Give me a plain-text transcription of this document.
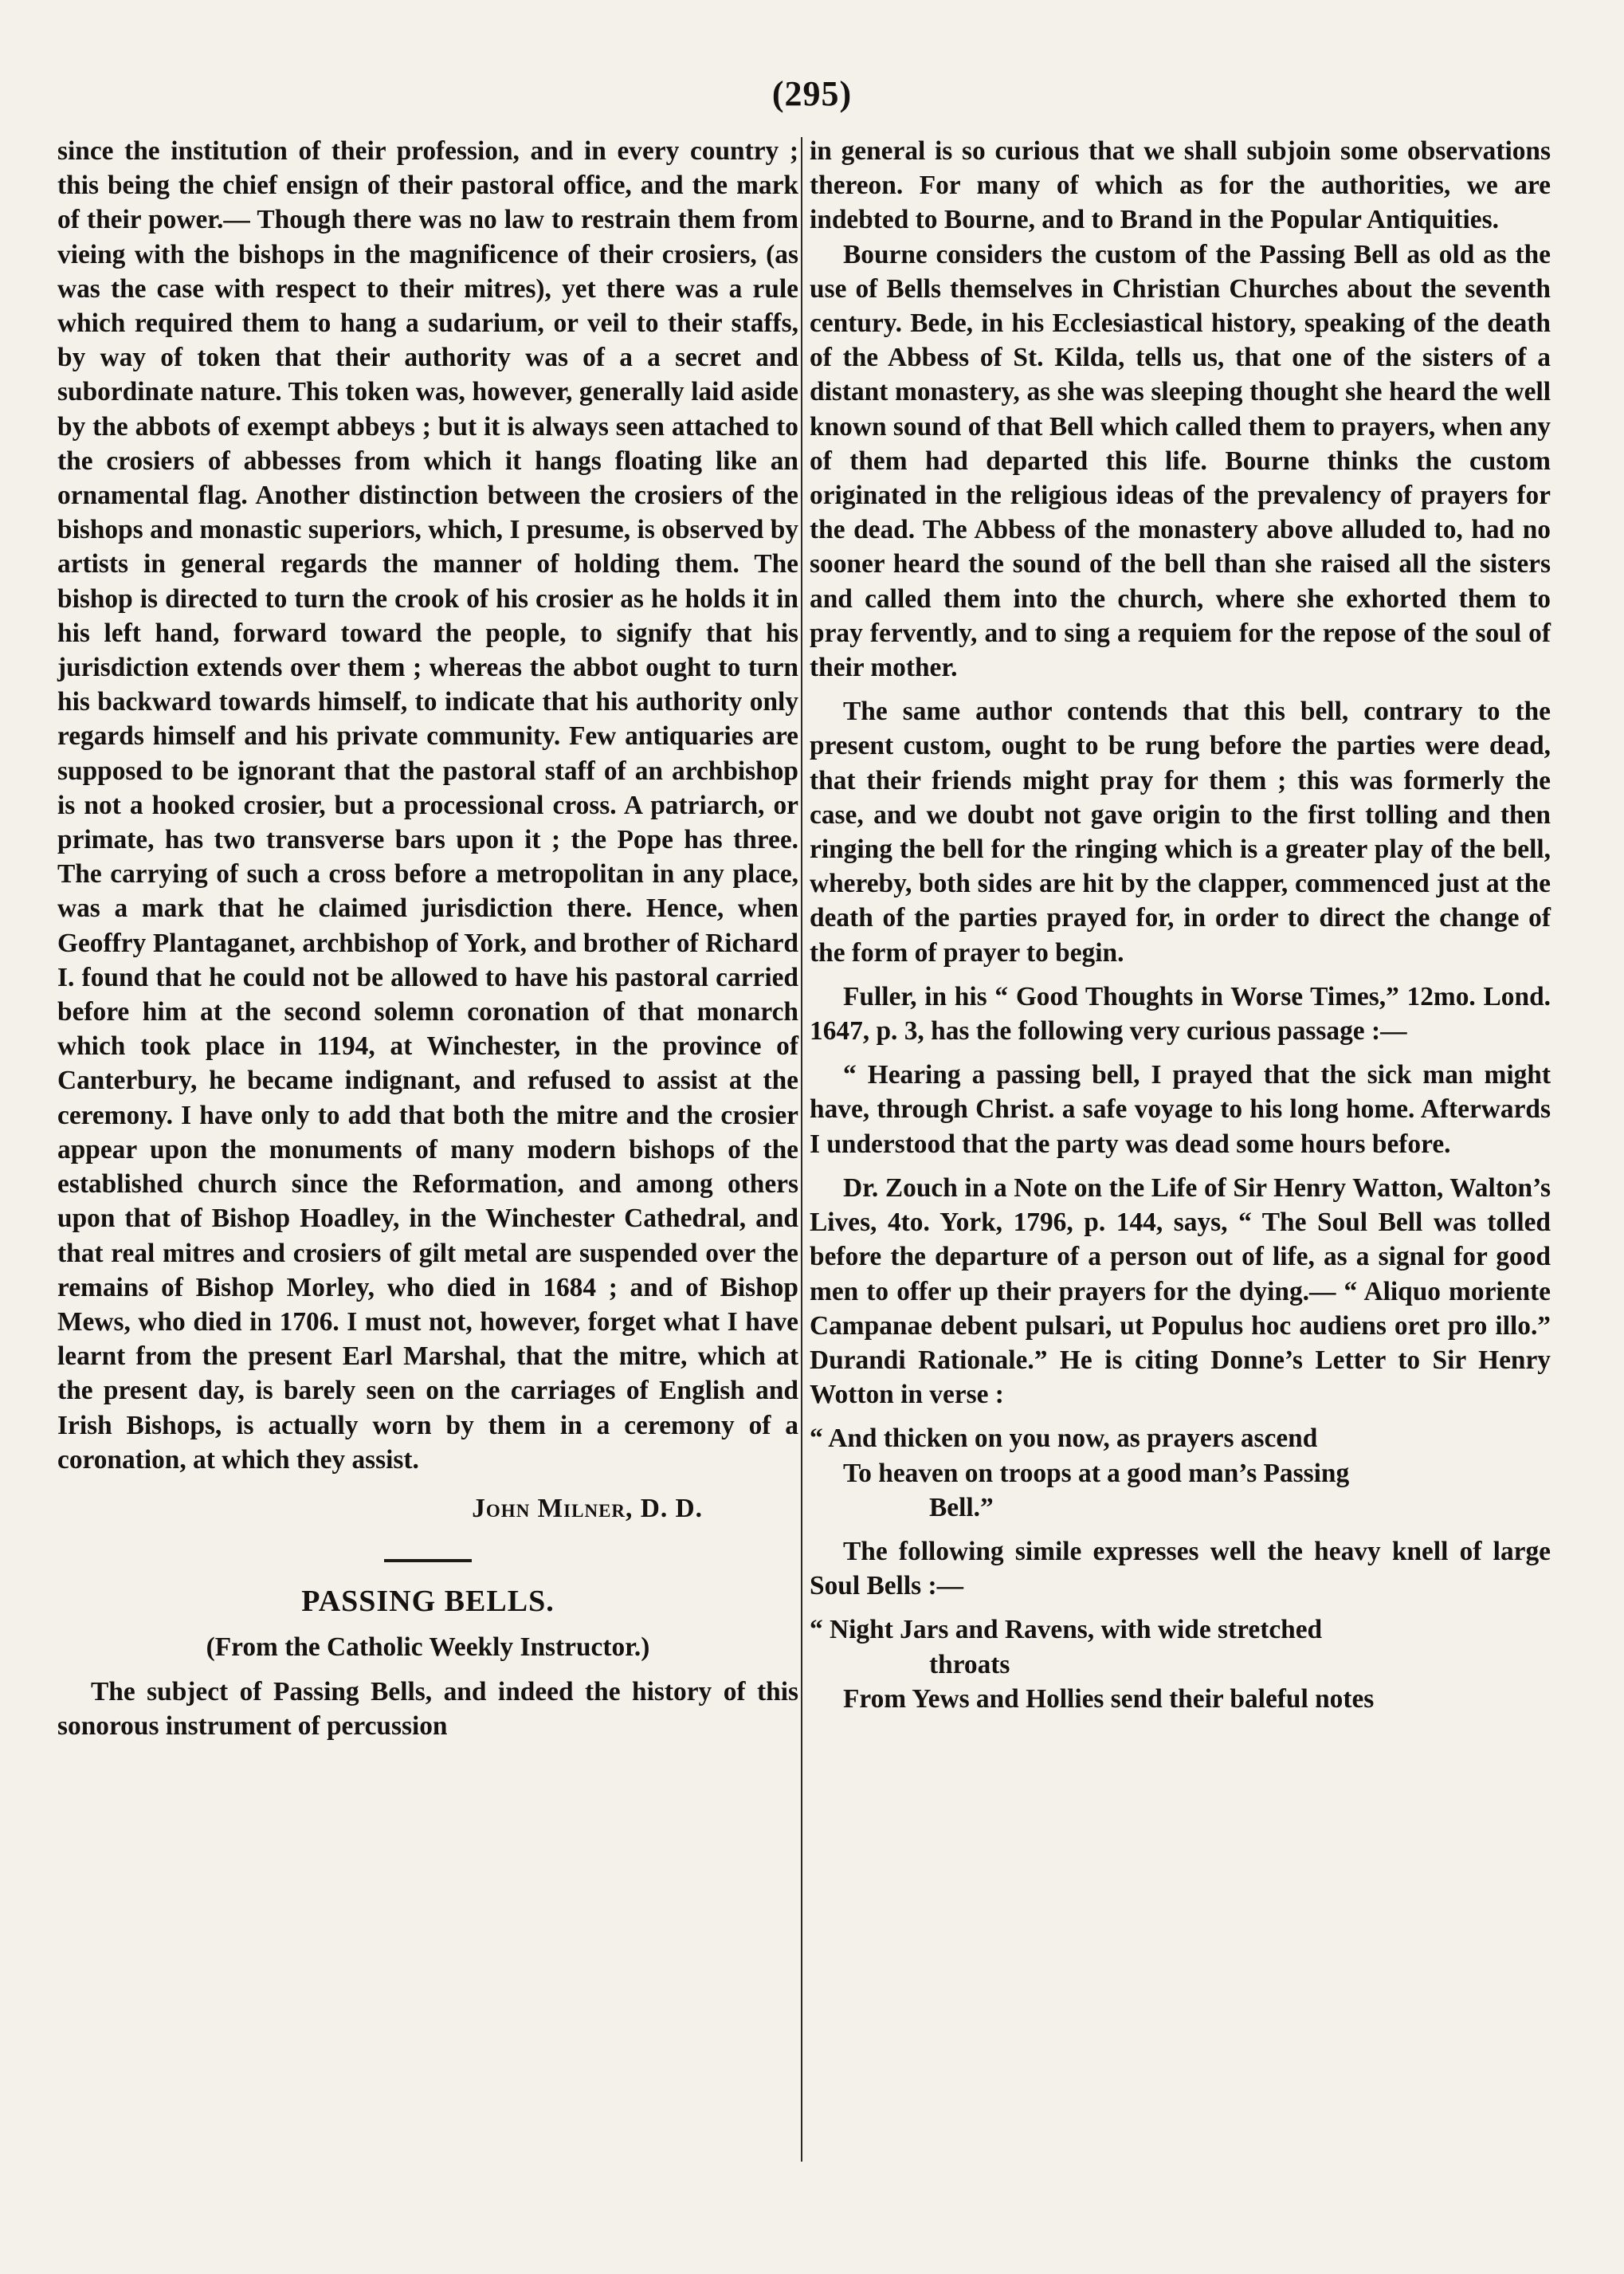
(295)

since the institution of their profession, and in every country ; this being the chief ensign of their pastoral office, and the mark of their power.— Though there was no law to restrain them from vieing with the bishops in the magnificence of their crosiers, (as was the case with respect to their mitres), yet there was a rule which required them to hang a sudarium, or veil to their staffs, by way of token that their authority was of a a secret and subordinate nature. This token was, however, generally laid aside by the abbots of exempt abbeys ; but it is always seen attached to the crosiers of abbesses from which it hangs floating like an ornamental flag. Another distinction between the crosiers of the bishops and monastic superiors, which, I presume, is observed by artists in general regards the manner of holding them. The bishop is directed to turn the crook of his crosier as he holds it in his left hand, forward toward the people, to signify that his jurisdiction extends over them ; whereas the abbot ought to turn his backward towards himself, to indicate that his authority only regards himself and his private community. Few antiquaries are supposed to be ignorant that the pastoral staff of an archbishop is not a hooked crosier, but a processional cross. A patriarch, or primate, has two transverse bars upon it ; the Pope has three. The carrying of such a cross before a metropolitan in any place, was a mark that he claimed jurisdiction there. Hence, when Geoffry Plantaganet, archbishop of York, and brother of Richard I. found that he could not be allowed to have his pastoral carried before him at the second solemn coronation of that monarch which took place in 1194, at Winchester, in the province of Canterbury, he became indignant, and refused to assist at the ceremony. I have only to add that both the mitre and the crosier appear upon the monuments of many modern bishops of the established church since the Reformation, and among others upon that of Bishop Hoadley, in the Winchester Cathedral, and that real mitres and crosiers of gilt metal are suspended over the remains of Bishop Morley, who died in 1684 ; and of Bishop Mews, who died in 1706. I must not, however, forget what I have learnt from the present Earl Marshal, that the mitre, which at the present day, is barely seen on the carriages of English and Irish Bishops, is actually worn by them in a ceremony of a coronation, at which they assist.

John Milner, D. D.
PASSING BELLS.
(From the Catholic Weekly Instructor.)

The subject of Passing Bells, and indeed the history of this sonorous instrument of percussion

in general is so curious that we shall subjoin some observations thereon. For many of which as for the authorities, we are indebted to Bourne, and to Brand in the Popular Antiquities.

Bourne considers the custom of the Passing Bell as old as the use of Bells themselves in Christian Churches about the seventh century. Bede, in his Ecclesiastical history, speaking of the death of the Abbess of St. Kilda, tells us, that one of the sisters of a distant monastery, as she was sleeping thought she heard the well known sound of that Bell which called them to prayers, when any of them had departed this life. Bourne thinks the custom originated in the religious ideas of the prevalency of prayers for the dead. The Abbess of the monastery above alluded to, had no sooner heard the sound of the bell than she raised all the sisters and called them into the church, where she exhorted them to pray fervently, and to sing a requiem for the repose of the soul of their mother.

The same author contends that this bell, contrary to the present custom, ought to be rung before the parties were dead, that their friends might pray for them ; this was formerly the case, and we doubt not gave origin to the first tolling and then ringing the bell for the ringing which is a greater play of the bell, whereby, both sides are hit by the clapper, commenced just at the death of the parties prayed for, in order to direct the change of the form of prayer to begin.

Fuller, in his “ Good Thoughts in Worse Times,” 12mo. Lond. 1647, p. 3, has the following very curious passage :—

“ Hearing a passing bell, I prayed that the sick man might have, through Christ. a safe voyage to his long home. Afterwards I understood that the party was dead some hours before.

Dr. Zouch in a Note on the Life of Sir Henry Watton, Walton’s Lives, 4to. York, 1796, p. 144, says, “ The Soul Bell was tolled before the departure of a person out of life, as a signal for good men to offer up their prayers for the dying.— “ Aliquo moriente Campanae debent pulsari, ut Populus hoc audiens oret pro illo.” Durandi Rationale.” He is citing Donne’s Letter to Sir Henry Wotton in verse :

“ And thicken on you now, as prayers ascend

To heaven on troops at a good man’s Passing

Bell.”

The following simile expresses well the heavy knell of large Soul Bells :—

“ Night Jars and Ravens, with wide stretched

throats

From Yews and Hollies send their baleful notes
